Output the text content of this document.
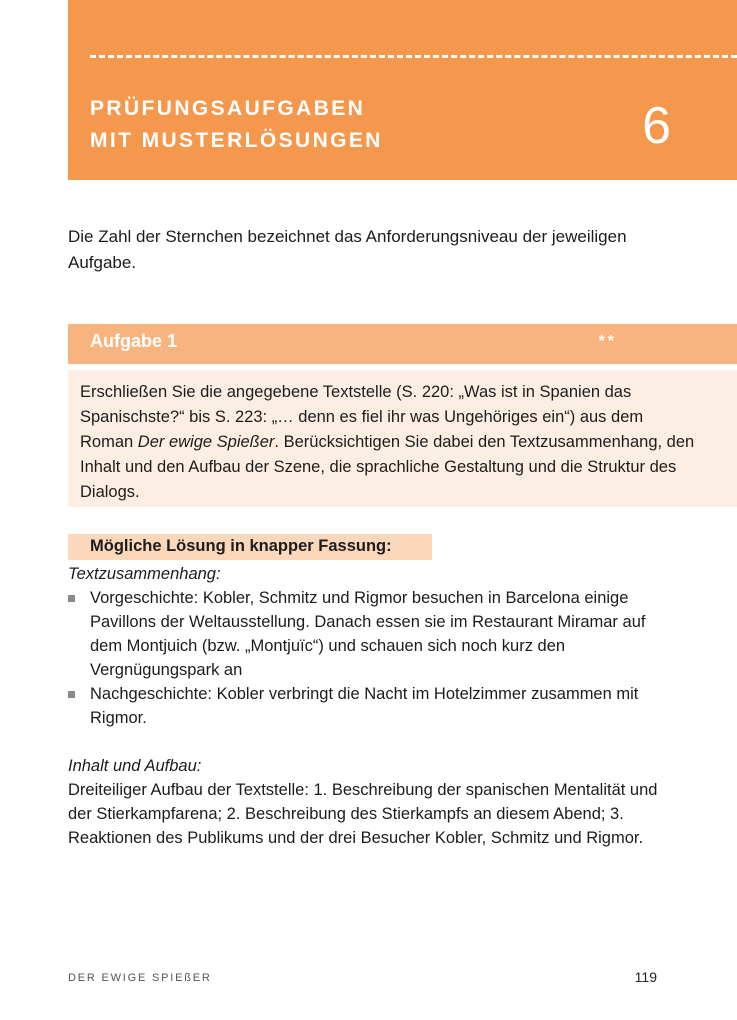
PRÜFUNGSAUFGABEN
MIT MUSTERLÖSUNGEN	6

Die Zahl der Sternchen bezeichnet das Anforderungsniveau der jeweiligen Aufgabe.

Aufgabe 1	**

Erschließen Sie die angegebene Textstelle (S. 220: „Was ist in Spanien das Spanischste?“ bis S. 223: „… denn es fiel ihr was Ungehöriges ein“) aus dem Roman Der ewige Spießer. Berücksichtigen Sie dabei den Textzusammenhang, den Inhalt und den Aufbau der Szene, die sprachliche Gestaltung und die Struktur des Dialogs.

Mögliche Lösung in knapper Fassung:
Textzusammenhang:
Vorgeschichte: Kobler, Schmitz und Rigmor besuchen in Barcelona einige Pavillons der Weltausstellung. Danach essen sie im Restaurant Miramar auf dem Montjuich (bzw. „Montjuïc“) und schauen sich noch kurz den Vergnügungspark an
Nachgeschichte: Kobler verbringt die Nacht im Hotelzimmer zusammen mit Rigmor.
Inhalt und Aufbau:
Dreiteiliger Aufbau der Textstelle: 1. Beschreibung der spanischen Mentalität und der Stierkampfarena; 2. Beschreibung des Stierkampfs an diesem Abend; 3. Reaktionen des Publikums und der drei Besucher Kobler, Schmitz und Rigmor.
DER EWIGE SPIEßER	119
